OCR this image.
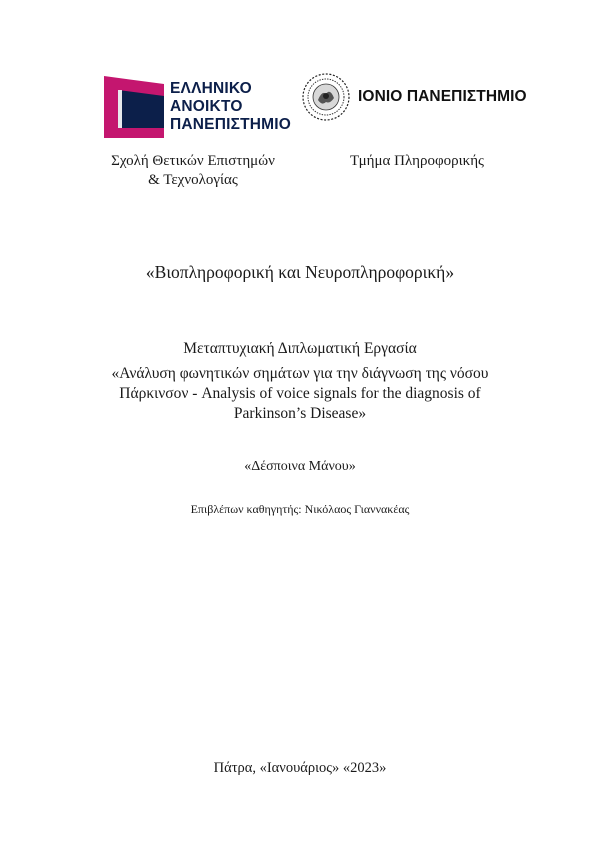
ΕΛΛΗΝΙΚΟ
ΑΝΟΙΚΤΟ
ΠΑΝΕΠΙΣΤΗΜΙΟ
ΙΟΝΙΟ ΠΑΝΕΠΙΣΤΗΜΙΟ
Σχολή Θετικών Επιστημών
& Τεχνολογίας
Τμήμα Πληροφορικής
«Βιοπληροφορική και Νευροπληροφορική»
Μεταπτυχιακή Διπλωματική Εργασία
«Ανάλυση φωνητικών σημάτων για την διάγνωση της νόσου Πάρκινσον - Analysis of voice signals for the diagnosis of Parkinson’s Disease»
«Δέσποινα Μάνου»
Επιβλέπων καθηγητής: Νικόλαος Γιαννακέας
Πάτρα, «Ιανουάριος» «2023»
